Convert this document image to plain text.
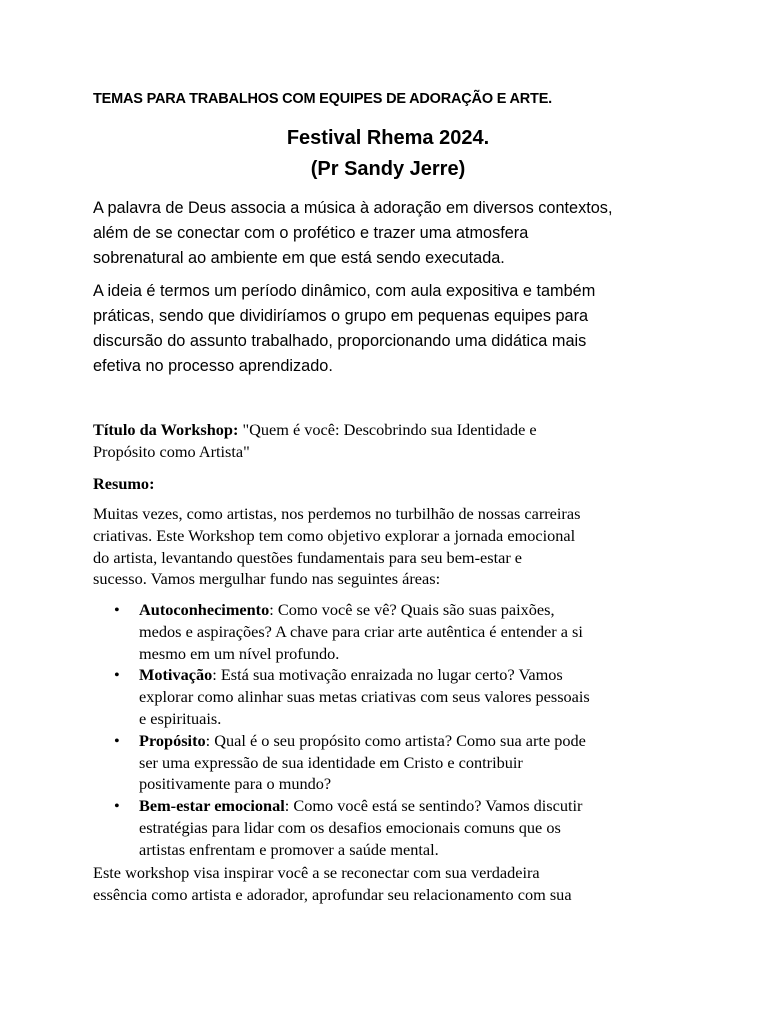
TEMAS PARA TRABALHOS COM EQUIPES DE ADORAÇÃO E ARTE.
Festival Rhema 2024.
(Pr Sandy Jerre)

A palavra de Deus associa a música à adoração em diversos contextos,
além de se conectar com o profético e trazer uma atmosfera
sobrenatural ao ambiente em que está sendo executada.

A ideia é termos um período dinâmico, com aula expositiva e também
práticas, sendo que dividiríamos o grupo em pequenas equipes para
discursão do assunto trabalhado, proporcionando uma didática mais
efetiva no processo aprendizado.

Título da Workshop: "Quem é você: Descobrindo sua Identidade e
Propósito como Artista"

Resumo:

Muitas vezes, como artistas, nos perdemos no turbilhão de nossas carreiras
criativas. Este Workshop tem como objetivo explorar a jornada emocional
do artista, levantando questões fundamentais para seu bem-estar e
sucesso. Vamos mergulhar fundo nas seguintes áreas:

• Autoconhecimento: Como você se vê? Quais são suas paixões,
medos e aspirações? A chave para criar arte autêntica é entender a si
mesmo em um nível profundo.
• Motivação: Está sua motivação enraizada no lugar certo? Vamos
explorar como alinhar suas metas criativas com seus valores pessoais
e espirituais.
• Propósito: Qual é o seu propósito como artista? Como sua arte pode
ser uma expressão de sua identidade em Cristo e contribuir
positivamente para o mundo?
• Bem-estar emocional: Como você está se sentindo? Vamos discutir
estratégias para lidar com os desafios emocionais comuns que os
artistas enfrentam e promover a saúde mental.

Este workshop visa inspirar você a se reconectar com sua verdadeira
essência como artista e adorador, aprofundar seu relacionamento com sua
